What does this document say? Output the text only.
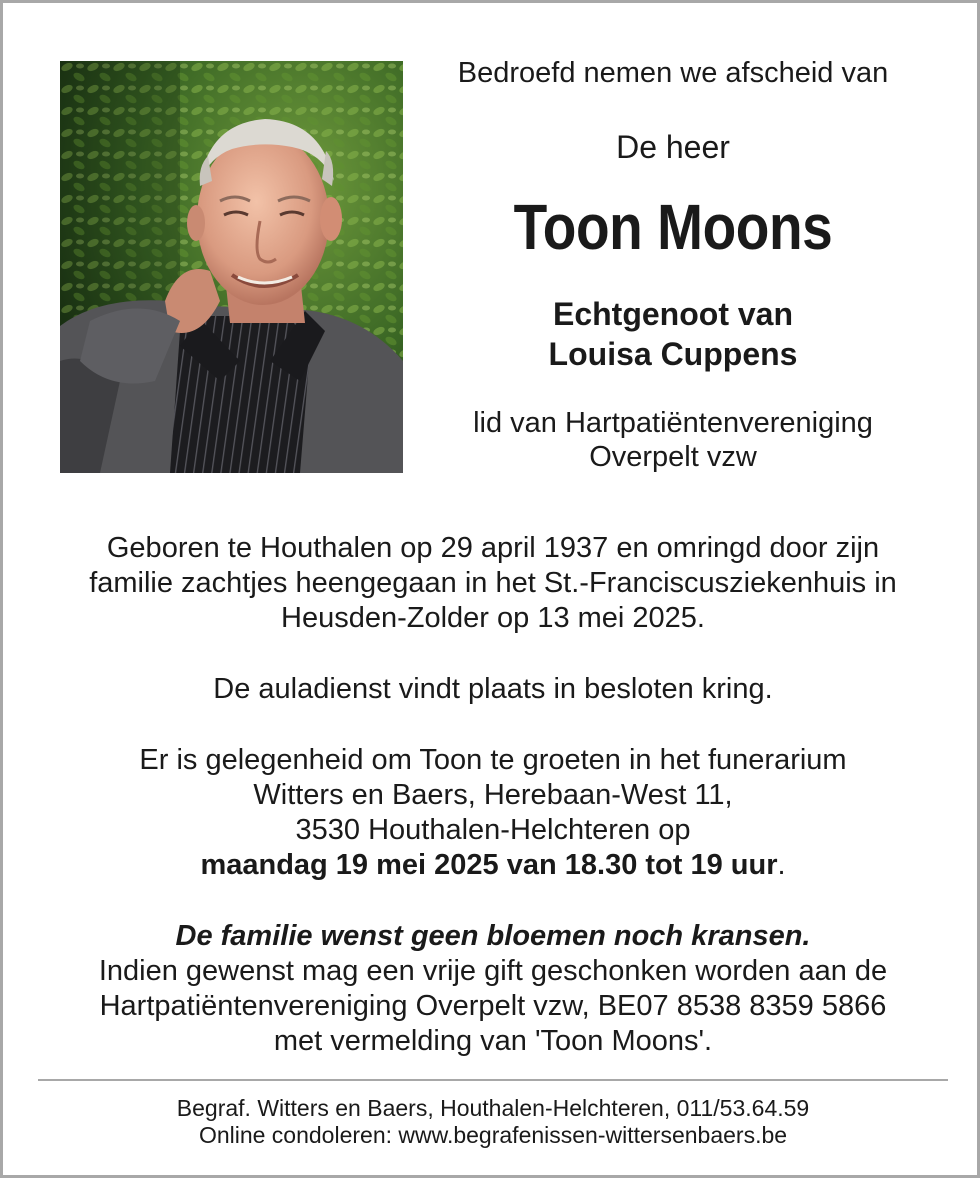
Bedroefd nemen we afscheid van
De heer
Toon Moons
Echtgenoot van
Louisa Cuppens
lid van Hartpatiëntenvereniging
Overpelt vzw

Geboren te Houthalen op 29 april 1937 en omringd door zijn

familie zachtjes heengegaan in het St.-Franciscusziekenhuis in

Heusden-Zolder op 13 mei 2025.

De auladienst vindt plaats in besloten kring.

Er is gelegenheid om Toon te groeten in het funerarium

Witters en Baers, Herebaan-West 11,

3530 Houthalen-Helchteren op

maandag 19 mei 2025 van 18.30 tot 19 uur.

De familie wenst geen bloemen noch kransen.

Indien gewenst mag een vrije gift geschonken worden aan de

Hartpatiëntenvereniging Overpelt vzw, BE07 8538 8359 5866

met vermelding van 'Toon Moons'.

Begraf. Witters en Baers, Houthalen-Helchteren, 011/53.64.59

Online condoleren: www.begrafenissen-wittersenbaers.be
